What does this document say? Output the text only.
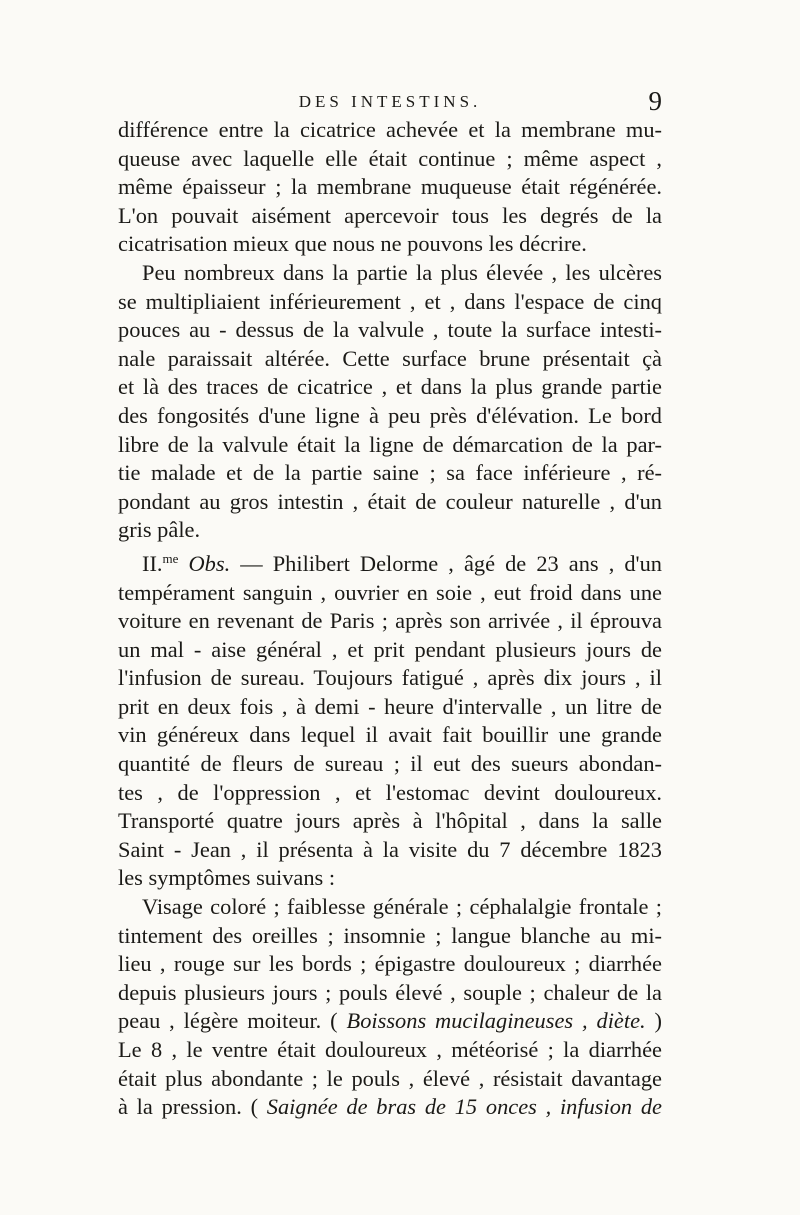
DES INTESTINS.	9

différence entre la cicatrice achevée et la membrane mu-

queuse avec laquelle elle était continue ; même aspect ,

même épaisseur ; la membrane muqueuse était régénérée.

L'on pouvait aisément apercevoir tous les degrés de la

cicatrisation mieux que nous ne pouvons les décrire.

Peu nombreux dans la partie la plus élevée , les ulcères

se multipliaient inférieurement , et , dans l'espace de cinq

pouces au - dessus de la valvule , toute la surface intesti-

nale paraissait altérée. Cette surface brune présentait çà

et là des traces de cicatrice , et dans la plus grande partie

des fongosités d'une ligne à peu près d'élévation. Le bord

libre de la valvule était la ligne de démarcation de la par-

tie malade et de la partie saine ; sa face inférieure , ré-

pondant au gros intestin , était de couleur naturelle , d'un

gris pâle.

II.$^{me}$ Obs. — Philibert Delorme , âgé de 23 ans , d'un

tempérament sanguin , ouvrier en soie , eut froid dans une

voiture en revenant de Paris ; après son arrivée , il éprouva

un mal - aise général , et prit pendant plusieurs jours de

l'infusion de sureau. Toujours fatigué , après dix jours , il

prit en deux fois , à demi - heure d'intervalle , un litre de

vin généreux dans lequel il avait fait bouillir une grande

quantité de fleurs de sureau ; il eut des sueurs abondan-

tes , de l'oppression , et l'estomac devint douloureux.

Transporté quatre jours après à l'hôpital , dans la salle

Saint - Jean , il présenta à la visite du 7 décembre 1823

les symptômes suivans :

Visage coloré ; faiblesse générale ; céphalalgie frontale ;

tintement des oreilles ; insomnie ; langue blanche au mi-

lieu , rouge sur les bords ; épigastre douloureux ; diarrhée

depuis plusieurs jours ; pouls élevé , souple ; chaleur de la

peau , légère moiteur. ( Boissons mucilagineuses , diète. )

Le 8 , le ventre était douloureux , météorisé ; la diarrhée

était plus abondante ; le pouls , élevé , résistait davantage

à la pression. ( Saignée de bras de 15 onces , infusion de
